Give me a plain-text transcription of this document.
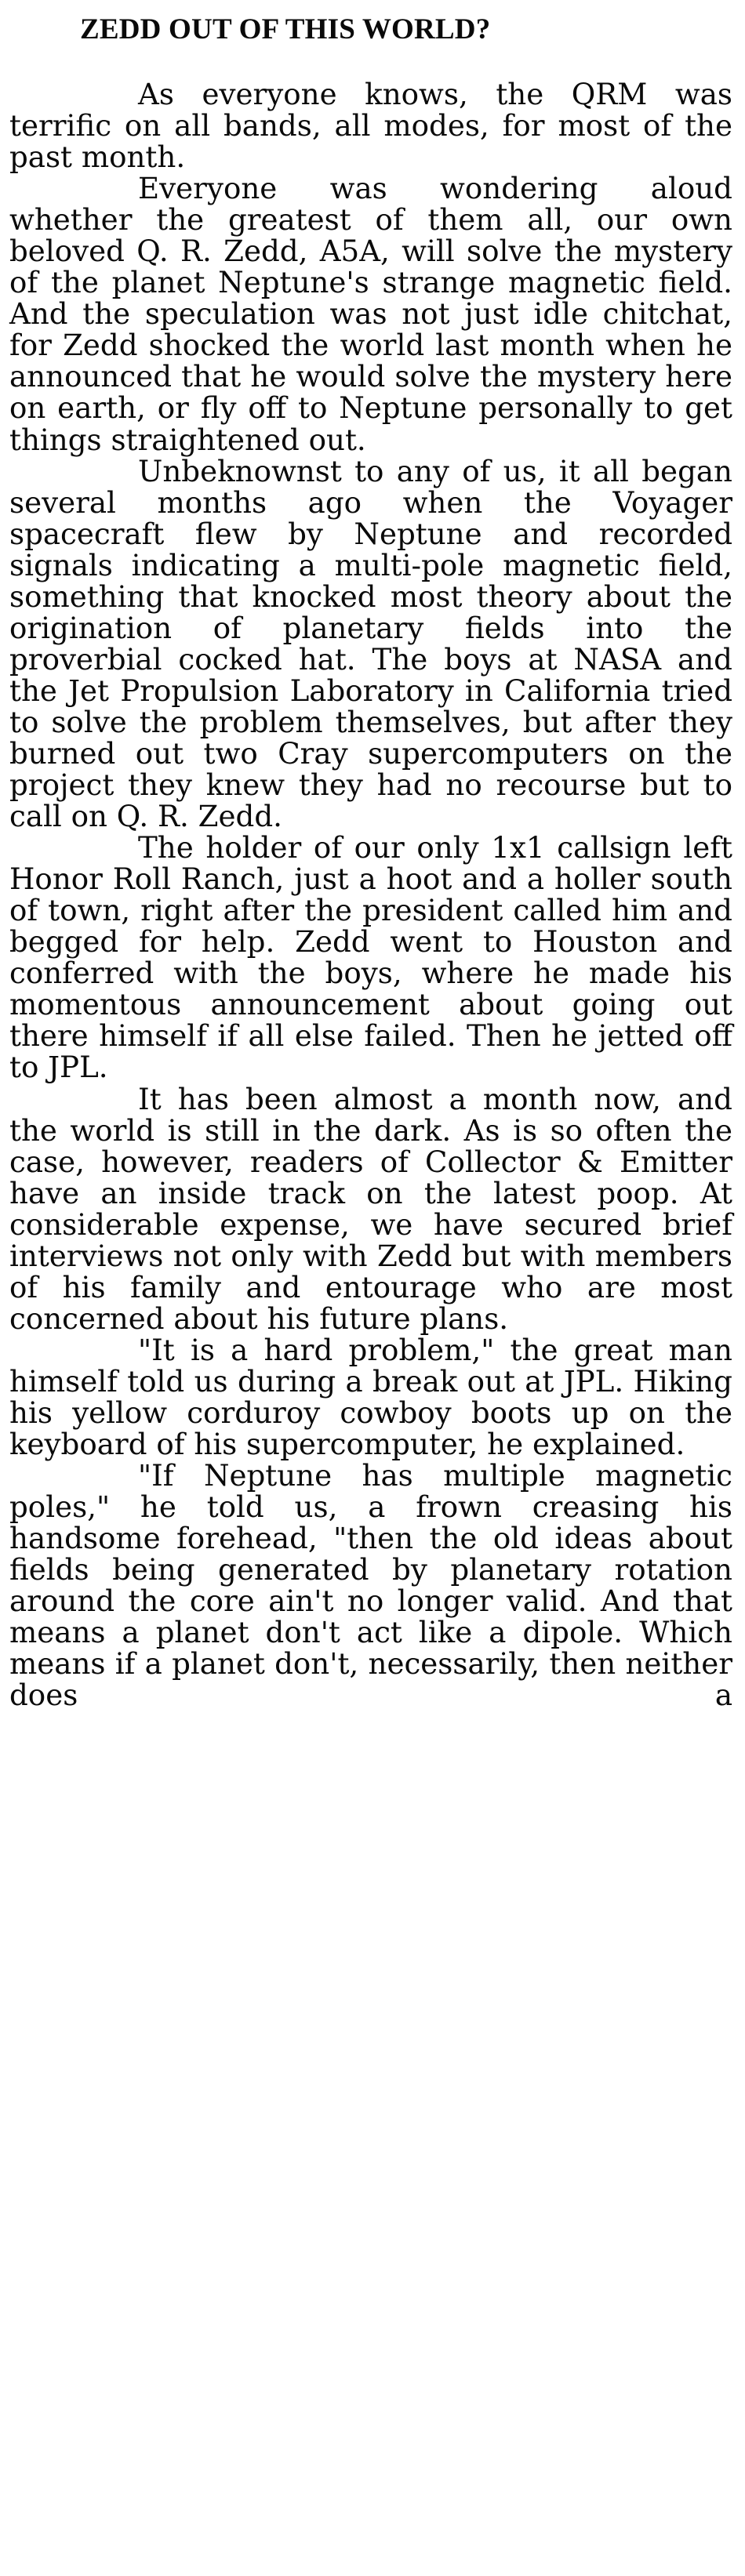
ZEDD OUT OF THIS WORLD?

As everyone knows, the QRM was terrific on all bands, all modes, for most of the past month.

Everyone was wondering aloud whether the greatest of them all, our own beloved Q. R. Zedd, A5A, will solve the mystery of the planet Neptune's strange magnetic field. And the speculation was not just idle chitchat, for Zedd shocked the world last month when he announced that he would solve the mystery here on earth, or fly off to Neptune personally to get things straightened out.

Unbeknownst to any of us, it all began several months ago when the Voyager spacecraft flew by Neptune and recorded signals indicating a multi-pole magnetic field, something that knocked most theory about the origination of planetary fields into the proverbial cocked hat. The boys at NASA and the Jet Propulsion Laboratory in California tried to solve the problem themselves, but after they burned out two Cray supercomputers on the project they knew they had no recourse but to call on Q. R. Zedd.

The holder of our only 1x1 callsign left Honor Roll Ranch, just a hoot and a holler south of town, right after the president called him and begged for help. Zedd went to Houston and conferred with the boys, where he made his momentous announcement about going out there himself if all else failed. Then he jetted off to JPL.

It has been almost a month now, and the world is still in the dark. As is so often the case, however, readers of Collector & Emitter have an inside track on the latest poop. At considerable expense, we have secured brief interviews not only with Zedd but with members of his family and entourage who are most concerned about his future plans.

"It is a hard problem," the great man himself told us during a break out at JPL. Hiking his yellow corduroy cowboy boots up on the keyboard of his supercomputer, he explained.

"If Neptune has multiple magnetic poles," he told us, a frown creasing his handsome forehead, "then the old ideas about fields being generated by planetary rotation around the core ain't no longer valid. And that means a planet don't act like a dipole. Which means if a planet don't, necessarily, then neither does a
